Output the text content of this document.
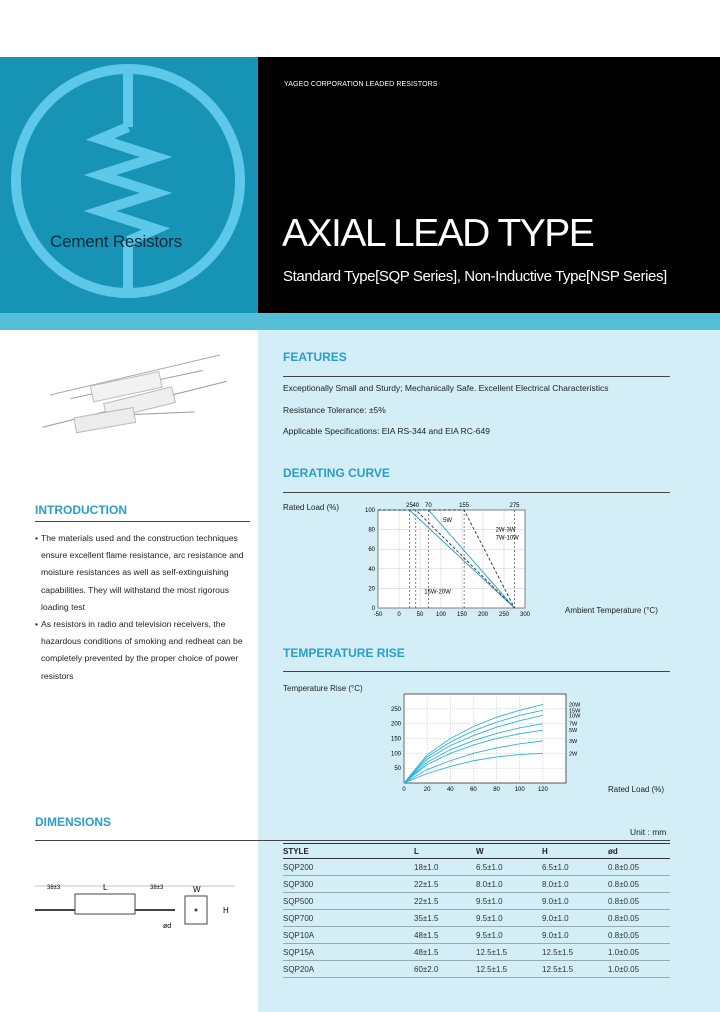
Cement Resistors
YAGEO CORPORATION LEADED RESISTORS
AXIAL LEAD TYPE
Standard Type[SQP Series], Non-Inductive Type[NSP Series]
FEATURES
Exceptionally Small and Sturdy; Mechanically Safe. Excellent Electrical Characteristics
Resistance Tolerance: ±5%
Applicable Specifications: EIA RS-344 and EIA RC-649
DERATING CURVE
Rated Load (%)
Ambient Temperature (°C)
-50 0	50 100 150 200 250 300
0
20
40
60
80
100
25 40 70	155	275
5W
2W-3W
7W-10W
15W-20W
TEMPERATURE RISE
Temperature Rise (°C)
Rated Load (%)
0	20	40	60	80 100 120
50
100
150
200
250
20W
15W
10W
7W
5W
3W
2W
INTRODUCTION
• The materials used and the construction techniques ensure excellent flame resistance, arc resistance and moisture resistances as well as self-extinguishing capabilities. They will withstand the most rigorous loading test
• As resistors in radio and television receivers, the hazardous conditions of smoking and redheat can be completely prevented by the proper choice of power resistors
DIMENSIONS
Unit : mm
38±3	L	38±3	W
H
ød
STYLE	L	W	H	ød
SQP200	18±1.0	6.5±1.0	6.5±1.0	0.8±0.05
SQP300	22±1.5	8.0±1.0	8.0±1.0	0.8±0.05
SQP500	22±1.5	9.5±1.0	9.0±1.0	0.8±0.05
SQP700	35±1.5	9.5±1.0	9.0±1.0	0.8±0.05
SQP10A	48±1.5	9.5±1.0	9.0±1.0	0.8±0.05
SQP15A	48±1.5	12.5±1.5	12.5±1.5	1.0±0.05
SQP20A	60±2.0	12.5±1.5	12.5±1.5	1.0±0.05
